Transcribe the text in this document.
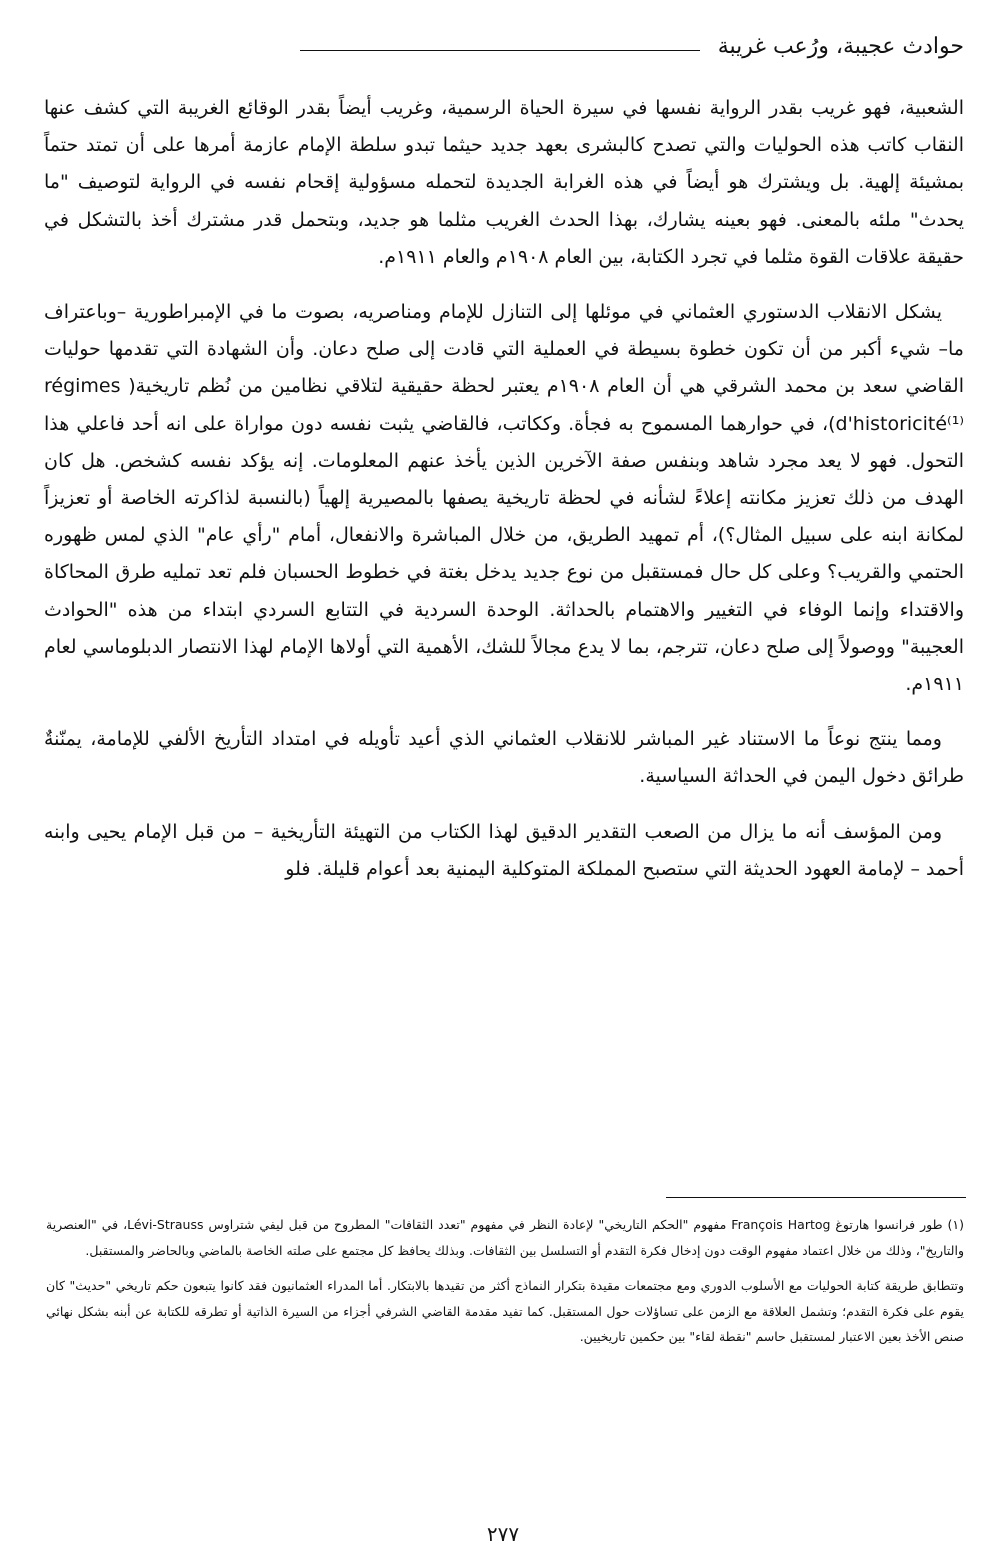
حوادث عجيبة، ورُعب غريبة

الشعبية، فهو غريب بقدر الرواية نفسها في سيرة الحياة الرسمية، وغريب أيضاً بقدر الوقائع الغريبة التي كشف عنها النقاب كاتب هذه الحوليات والتي تصدح كالبشرى بعهد جديد حيثما تبدو سلطة الإمام عازمة أمرها على أن تمتد حتماً بمشيئة إلهية. بل ويشترك هو أيضاً في هذه الغرابة الجديدة لتحمله مسؤولية إقحام نفسه في الرواية لتوصيف "ما يحدث" ملئه بالمعنى. فهو بعينه يشارك، بهذا الحدث الغريب مثلما هو جديد، وبتحمل قدر مشترك أخذ بالتشكل في حقيقة علاقات القوة مثلما في تجرد الكتابة، بين العام ١٩٠٨م والعام ١٩١١م.

يشكل الانقلاب الدستوري العثماني في موئلها إلى التنازل للإمام ومناصريه، بصوت ما في الإمبراطورية –وباعتراف ما– شيء أكبر من أن تكون خطوة بسيطة في العملية التي قادت إلى صلح دعان. وأن الشهادة التي تقدمها حوليات القاضي سعد بن محمد الشرقي هي أن العام ١٩٠٨م يعتبر لحظة حقيقية لتلاقي نظامين من نُظم تاريخية( régimes d'historicité⁽¹⁾)، في حوارهما المسموح به فجأة. وككاتب، فالقاضي يثبت نفسه دون مواراة على انه أحد فاعلي هذا التحول. فهو لا يعد مجرد شاهد وبنفس صفة الآخرين الذين يأخذ عنهم المعلومات. إنه يؤكد نفسه كشخص. هل كان الهدف من ذلك تعزيز مكانته إعلاءً لشأنه في لحظة تاريخية يصفها بالمصيرية إلهياً (بالنسبة لذاكرته الخاصة أو تعزيزاً لمكانة ابنه على سبيل المثال؟)، أم تمهيد الطريق، من خلال المباشرة والانفعال، أمام "رأي عام" الذي لمس ظهوره الحتمي والقريب؟ وعلى كل حال فمستقبل من نوع جديد يدخل بغتة في خطوط الحسبان فلم تعد تمليه طرق المحاكاة والاقتداء وإنما الوفاء في التغيير والاهتمام بالحداثة. الوحدة السردية في التتابع السردي ابتداء من هذه "الحوادث العجيبة" ووصولاً إلى صلح دعان، تترجم، بما لا يدع مجالاً للشك، الأهمية التي أولاها الإمام لهذا الانتصار الدبلوماسي لعام ١٩١١م.

ومما ينتج نوعاً ما الاستناد غير المباشر للانقلاب العثماني الذي أعيد تأويله في امتداد التأريخ الألفي للإمامة، يمنّنةٌ طرائق دخول اليمن في الحداثة السياسية.

ومن المؤسف أنه ما يزال من الصعب التقدير الدقيق لهذا الكتاب من التهيئة التأريخية – من قبل الإمام يحيى وابنه أحمد – لإمامة العهود الحديثة التي ستصبح المملكة المتوكلية اليمنية بعد أعوام قليلة. فلو

(١) طور فرانسوا هارتوغ François Hartog مفهوم "الحكم التاريخي" لإعادة النظر في مفهوم "تعدد الثقافات" المطروح من قبل ليفي شتراوس Lévi-Strauss، في "العنصرية والتاريخ"، وذلك من خلال اعتماد مفهوم الوقت دون إدخال فكرة التقدم أو التسلسل بين الثقافات. وبذلك يحافظ كل مجتمع على صلته الخاصة بالماضي وبالحاضر والمستقبل.

وتتطابق طريقة كتابة الحوليات مع الأسلوب الدوري ومع مجتمعات مقيدة بتكرار النماذج أكثر من تقيدها بالابتكار. أما المدراء العثمانيون فقد كانوا يتبعون حكم تاريخي "حديث" كان يقوم على فكرة التقدم؛ وتشمل العلاقة مع الزمن على تساؤلات حول المستقبل. كما تفيد مقدمة القاضي الشرفي أجزاء من السيرة الذاتية أو تطرقه للكتابة عن أبنه بشكل نهائي صنص الأخذ بعين الاعتبار لمستقبل حاسم "نقطة لقاء" بين حكمين تاريخيين.

٢٧٧
